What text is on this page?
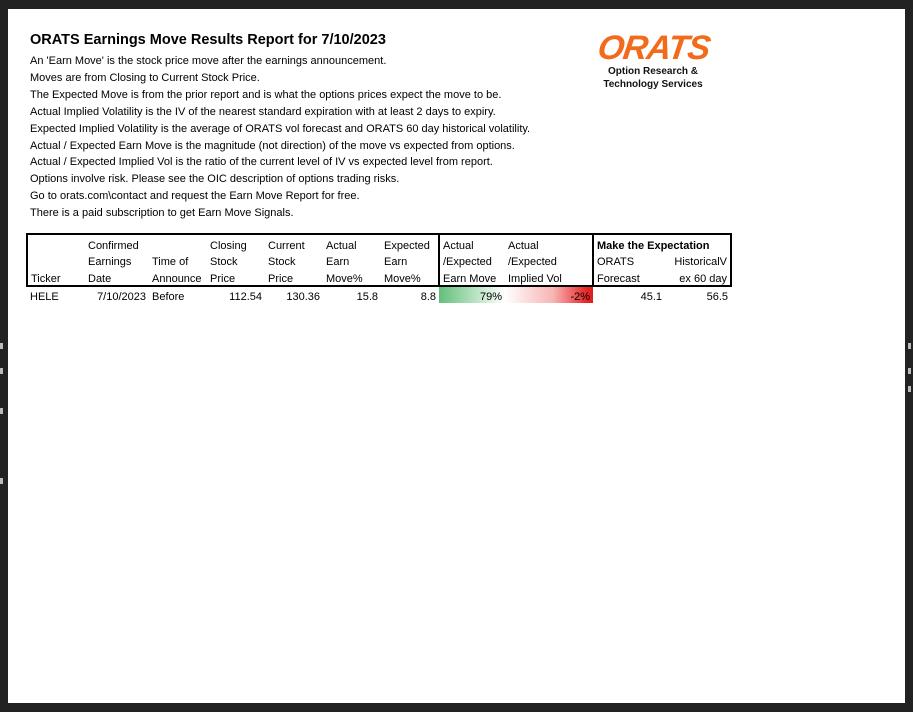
ORATS Earnings Move Results Report for 7/10/2023
An 'Earn Move' is the stock price move after the earnings announcement.
Moves are from Closing to Current Stock Price.
The Expected Move is from the prior report and is what the options prices expect the move to be.
Actual Implied Volatility is the IV of the nearest standard expiration with at least 2 days to expiry.
Expected Implied Volatility is the average of ORATS vol forecast and ORATS 60 day historical volatility.
Actual / Expected Earn Move is the magnitude (not direction) of the move vs expected from options.
Actual / Expected Implied Vol is the ratio of the current level of IV vs expected level from report.
Options involve risk. Please see the OIC description of options trading risks.
Go to orats.com\contact and request the Earn Move Report for free.
There is a paid subscription to get Earn Move Signals.
ORATS
Option Research &
Technology Services
	Confirmed		Closing	Current	Actual	Expected	Actual	Actual	Make the Expectation	
	Earnings	Time of	Stock	Stock	Earn	Earn	/Expected	/Expected	ORATS	HistoricalV
Ticker	Date	Announce	Price	Price	Move%	Move%	Earn Move	Implied Vol	Forecast	ex 60 day
HELE	7/10/2023	Before	112.54	130.36	15.8	8.8	79%	-2%	45.1	56.5
